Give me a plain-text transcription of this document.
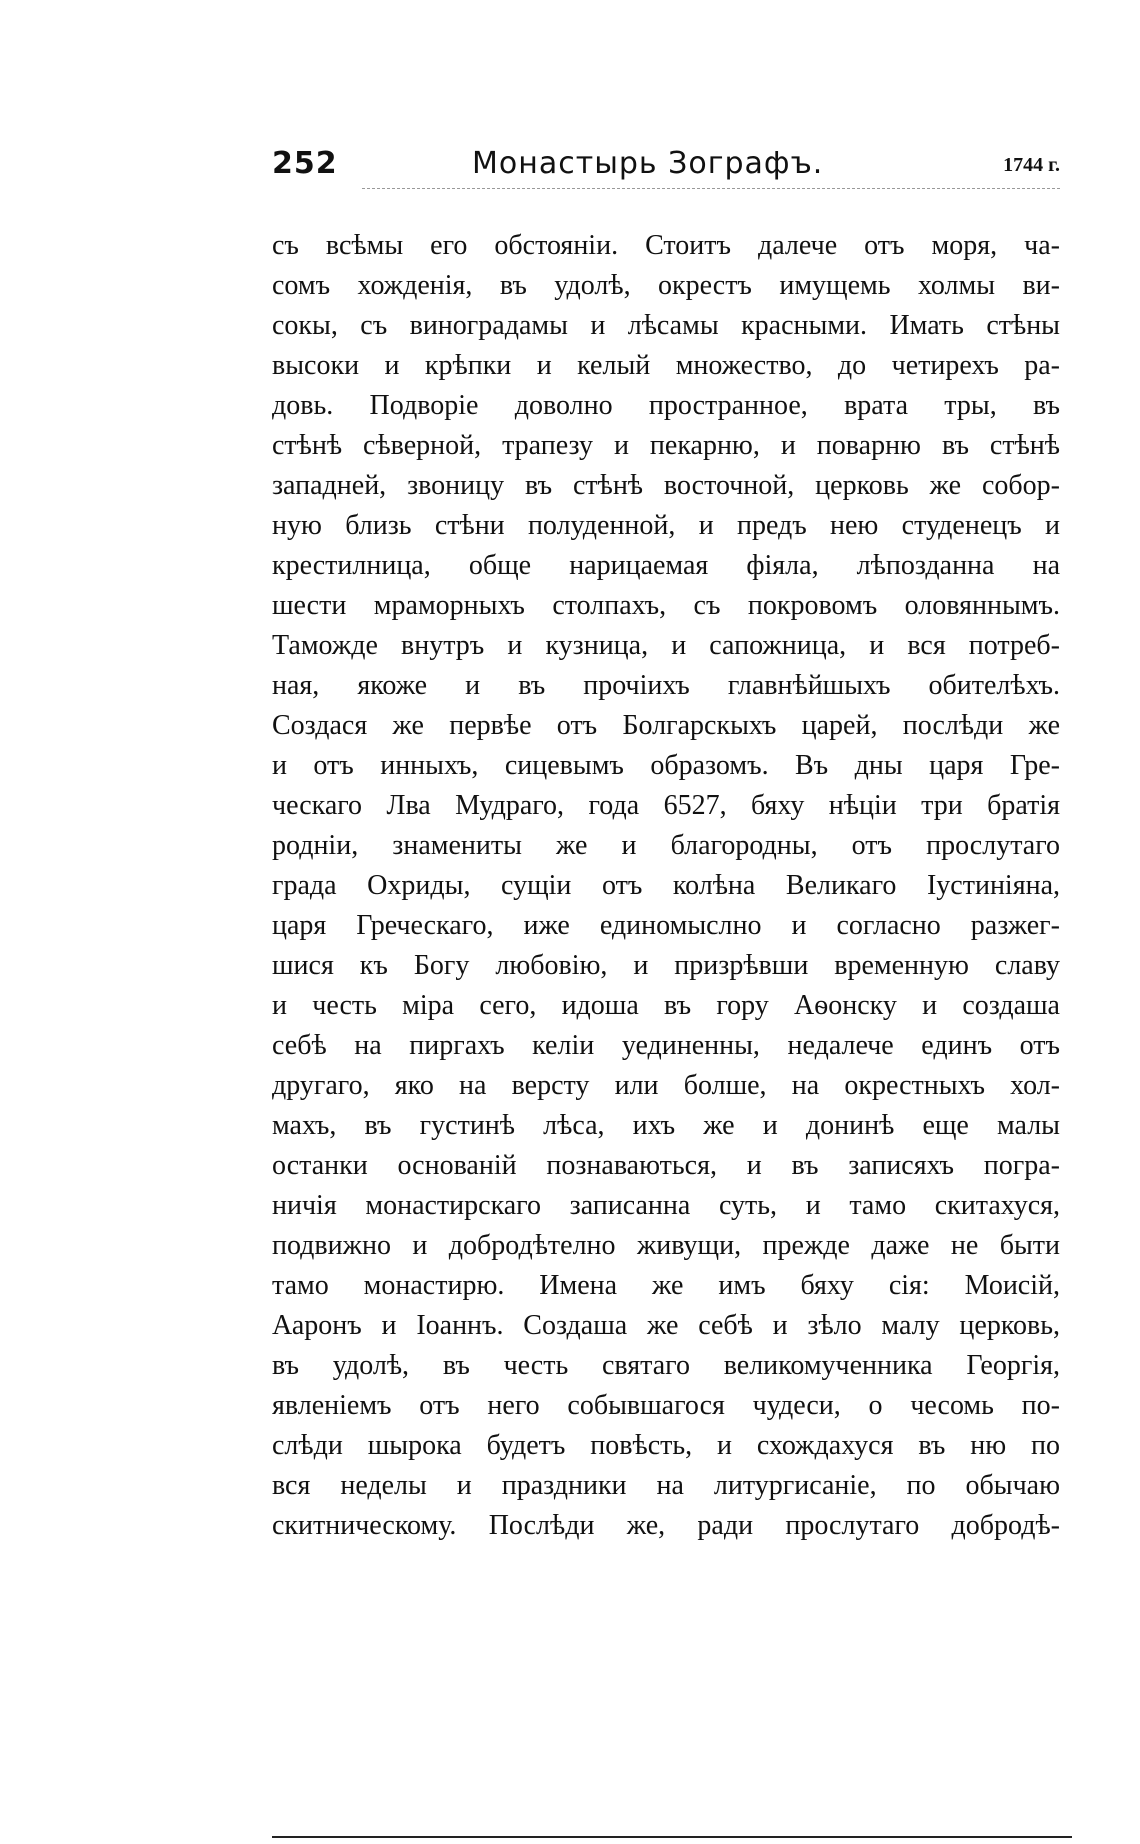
252	Монастырь Зографъ.	1744 г.
съ всѣмы его обстояніи. Стоитъ далече отъ моря, ча-
сомъ хожденія, въ удолѣ, окрестъ имущемь холмы ви-
сокы, съ виноградамы и лѣсамы красными. Имать стѣны
высоки и крѣпки и келый множество, до четирехъ ра-
довь. Подворіе доволно пространное, врата тры, въ
стѣнѣ сѣверной, трапезу и пекарню, и поварню въ стѣнѣ
западней, звоницу въ стѣнѣ восточной, церковь же собор-
ную близь стѣни полуденной, и предъ нею студенецъ и
крестилница, обще нарицаемая фіяла, лѣпозданна на
шести мраморныхъ столпахъ, съ покровомъ оловяннымъ.
Тамождe внутръ и кузница, и сапожница, и вся потреб-
ная, якоже и въ прочіихъ главнѣйшыхъ обителѣхъ.
Создася же первѣе отъ Болгарскыхъ царей, послѣди же
и отъ инныхъ, сицевымъ образомъ. Въ дны царя Гре-
ческаго Лва Мудраго, года 6527, бяху нѣціи три братія
родніи, знамениты же и благородны, отъ прослутаго
града Охриды, сущіи отъ колѣна Великаго Іустиніяна,
царя Греческаго, иже единомыслно и согласно разжег-
шися къ Богу любовію, и призрѣвши временную славу
и честь міра сего, идоша въ гору Аѳонску и создаша
себѣ на пиргахъ келіи уединенны, недалече единъ отъ
другаго, яко на версту или болше, на окрестныхъ хол-
махъ, въ густинѣ лѣса, ихъ же и донинѣ еще малы
останки основаній познаваються, и въ записяхъ погра-
ничія монастирскаго записанна суть, и тамо скитахуся,
подвижно и добродѣтелно живущи, прежде даже не быти
тамо монастирю. Имена же имъ бяху сія: Моисій,
Ааронъ и Іоаннъ. Создаша же себѣ и зѣло малу церковь,
въ удолѣ, въ честь святаго великомученника Георгія,
явленіемъ отъ него собывшагося чудеси, о чесомь по-
слѣди шырока будетъ повѣсть, и схождахуся въ ню по
вся неделы и праздники на литургисаніе, по обычаю
скитническому. Послѣди же, ради прослутаго добродѣ-
